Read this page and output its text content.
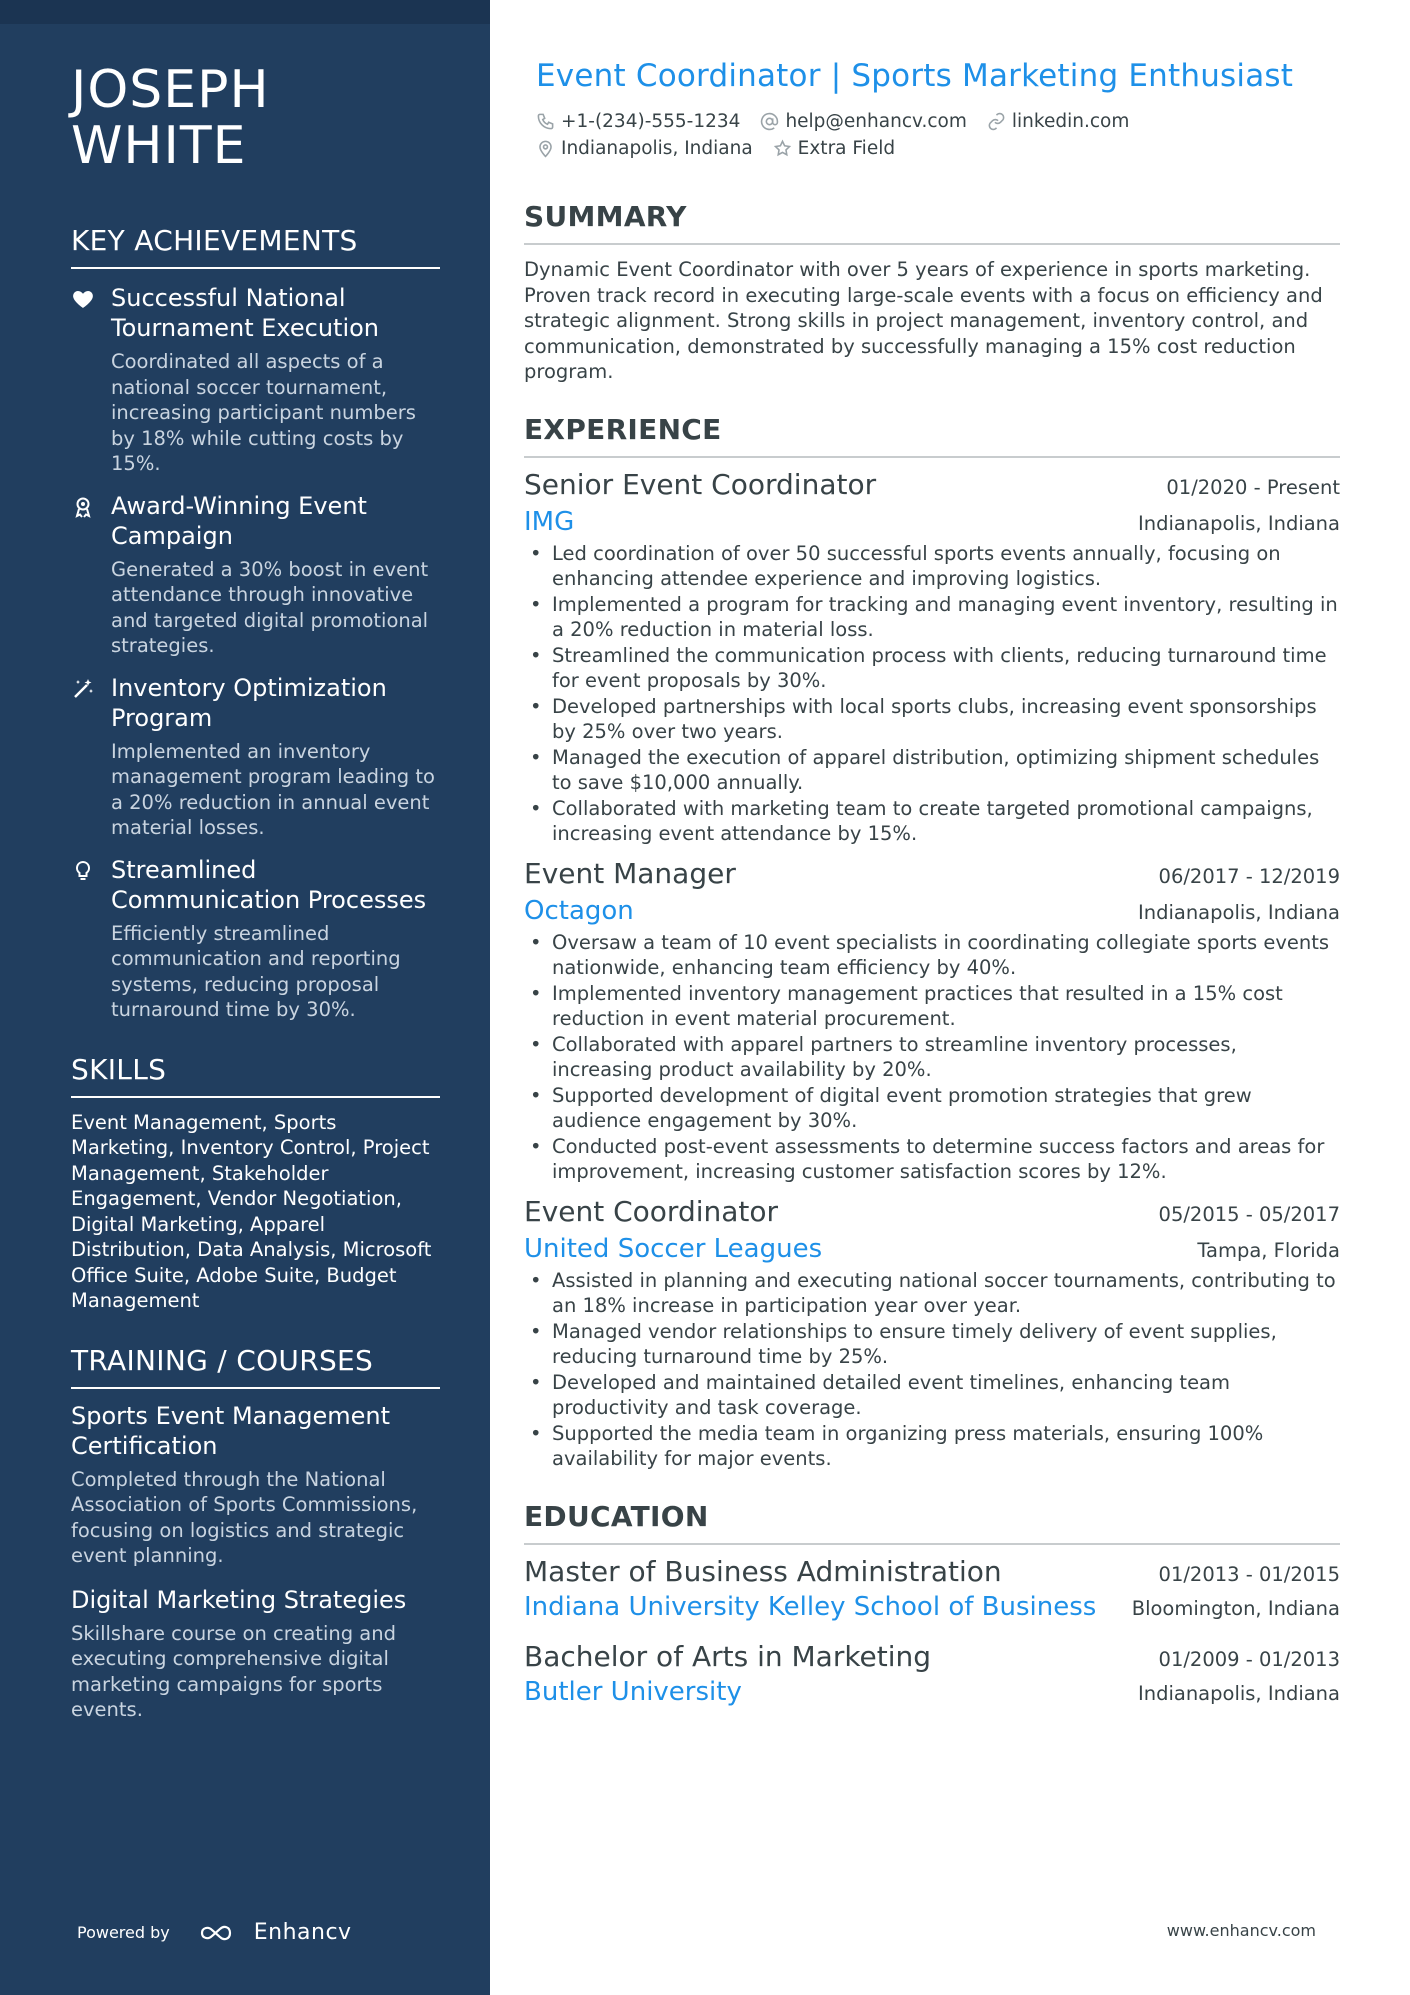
JOSEPH
WHITE
KEY ACHIEVEMENTS
Successful National Tournament Execution
Coordinated all aspects of a national soccer tournament, increasing participant numbers by 18% while cutting costs by 15%.
Award-Winning Event Campaign
Generated a 30% boost in event attendance through innovative and targeted digital promotional strategies.
Inventory Optimization Program
Implemented an inventory management program leading to a 20% reduction in annual event material losses.
Streamlined Communication Processes
Efficiently streamlined communication and reporting systems, reducing proposal turnaround time by 30%.
SKILLS
Event Management, Sports Marketing, Inventory Control, Project Management, Stakeholder Engagement, Vendor Negotiation, Digital Marketing, Apparel Distribution, Data Analysis, Microsoft Office Suite, Adobe Suite, Budget Management
TRAINING / COURSES
Sports Event Management Certification
Completed through the National Association of Sports Commissions, focusing on logistics and strategic event planning.
Digital Marketing Strategies
Skillshare course on creating and executing comprehensive digital marketing campaigns for sports events.
Powered by	Enhancv
Event Coordinator | Sports Marketing Enthusiast
+1-(234)-555-1234 help@enhancv.com linkedin.com
Indianapolis, Indiana Extra Field
SUMMARY

Dynamic Event Coordinator with over 5 years of experience in sports marketing. Proven track record in executing large-scale events with a focus on efficiency and strategic alignment. Strong skills in project management, inventory control, and communication, demonstrated by successfully managing a 15% cost reduction program.

EXPERIENCE
Senior Event Coordinator	01/2020 - Present
IMG	Indianapolis, Indiana
• Led coordination of over 50 successful sports events annually, focusing on enhancing attendee experience and improving logistics.
• Implemented a program for tracking and managing event inventory, resulting in a 20% reduction in material loss.
• Streamlined the communication process with clients, reducing turnaround time for event proposals by 30%.
• Developed partnerships with local sports clubs, increasing event sponsorships by 25% over two years.
• Managed the execution of apparel distribution, optimizing shipment schedules to save $10,000 annually.
• Collaborated with marketing team to create targeted promotional campaigns, increasing event attendance by 15%.
Event Manager	06/2017 - 12/2019
Octagon	Indianapolis, Indiana
• Oversaw a team of 10 event specialists in coordinating collegiate sports events nationwide, enhancing team efficiency by 40%.
• Implemented inventory management practices that resulted in a 15% cost reduction in event material procurement.
• Collaborated with apparel partners to streamline inventory processes, increasing product availability by 20%.
• Supported development of digital event promotion strategies that grew audience engagement by 30%.
• Conducted post-event assessments to determine success factors and areas for improvement, increasing customer satisfaction scores by 12%.
Event Coordinator	05/2015 - 05/2017
United Soccer Leagues	Tampa, Florida
• Assisted in planning and executing national soccer tournaments, contributing to an 18% increase in participation year over year.
• Managed vendor relationships to ensure timely delivery of event supplies, reducing turnaround time by 25%.
• Developed and maintained detailed event timelines, enhancing team productivity and task coverage.
• Supported the media team in organizing press materials, ensuring 100% availability for major events.
EDUCATION
Master of Business Administration	01/2013 - 01/2015
Indiana University Kelley School of Business Bloomington, Indiana
Bachelor of Arts in Marketing	01/2009 - 01/2013
Butler University	Indianapolis, Indiana
www.enhancv.com
